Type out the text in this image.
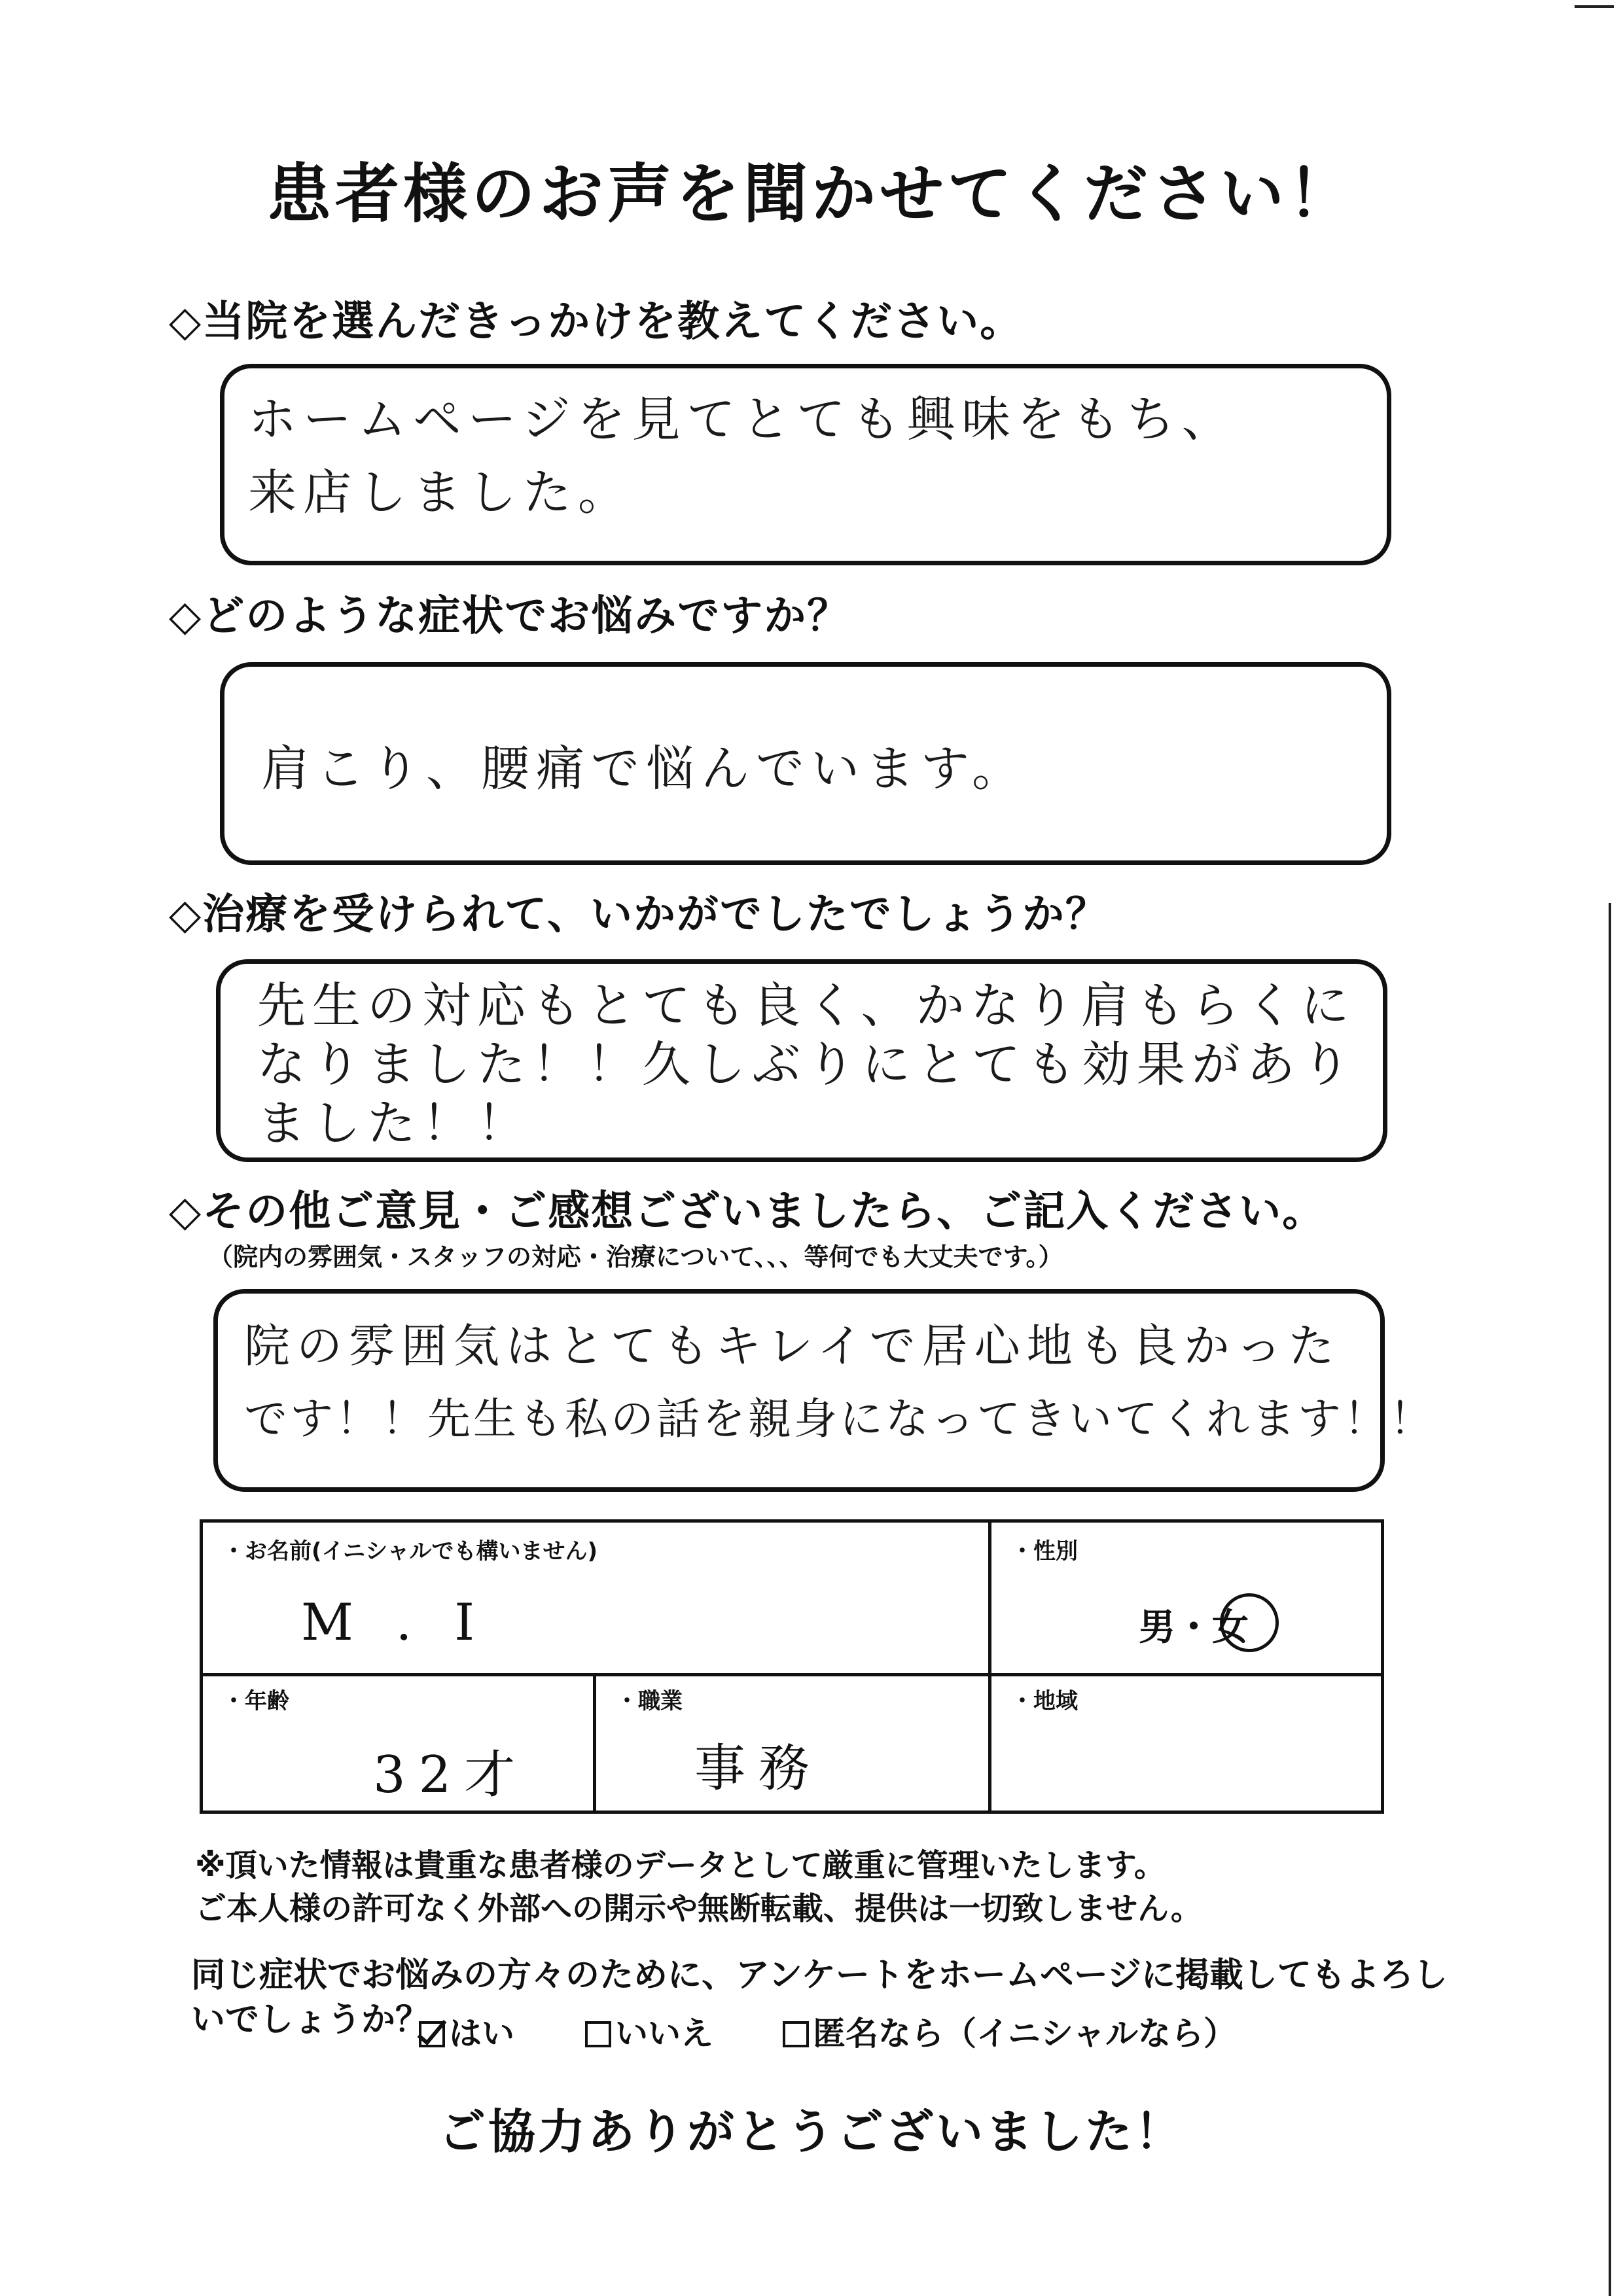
患者様のお声を聞かせてください！
◇当院を選んだきっかけを教えてください。
ホームページを見てとても興味をもち、
来店しました。
◇どのような症状でお悩みですか？
肩こり、腰痛で悩んでいます。
◇治療を受けられて、いかがでしたでしょうか？
先生の対応もとても良く、かなり肩もらくに
なりました！！久しぶりにとても効果があり
ました！！
◇その他ご意見・ご感想ございましたら、ご記入ください。
（院内の雰囲気・スタッフの対応・治療について、、、等何でも大丈夫です。）
院の雰囲気はとてもキレイで居心地も良かった
です！！先生も私の話を親身になってきいてくれます！！
・お名前(イニシャルでも構いません)
M . I
・性別
男・女
・年齢
32才
・職業
事務
・地域
※頂いた情報は貴重な患者様のデータとして厳重に管理いたします。
ご本人様の許可なく外部への開示や無断転載、提供は一切致しません。
同じ症状でお悩みの方々のために、アンケートをホームページに掲載してもよろし
いでしょうか？ はい	いいえ	匿名なら（イニシャルなら）
ご協力ありがとうございました！
